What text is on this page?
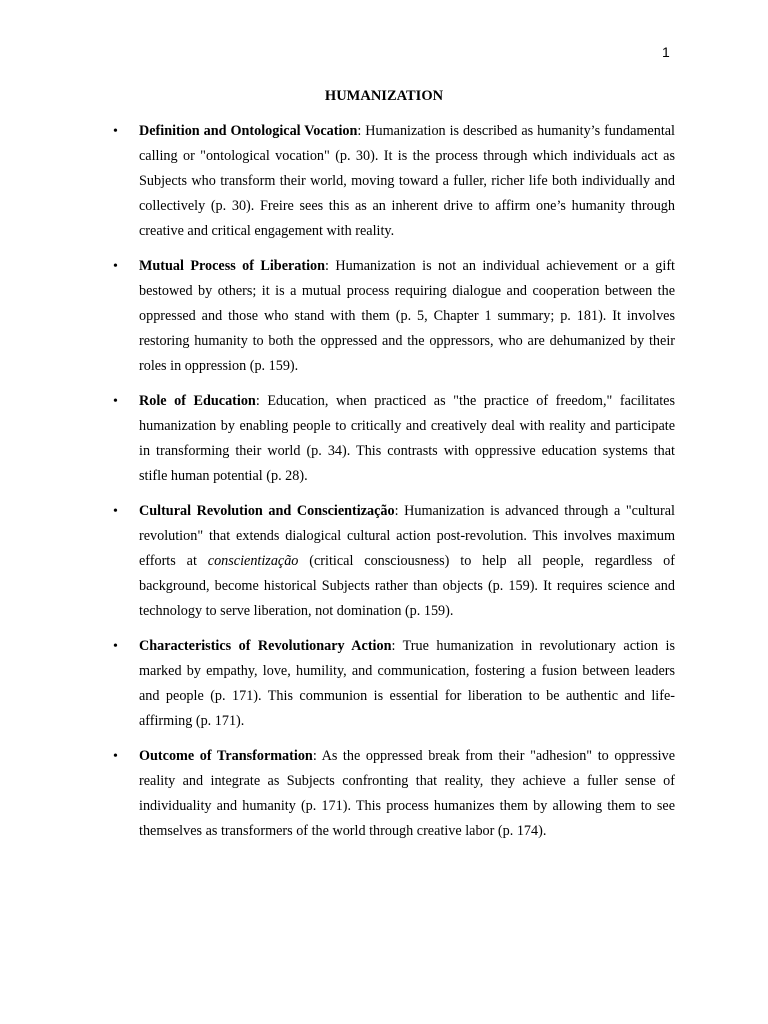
1
HUMANIZATION
•	Definition and Ontological Vocation: Humanization is described as humanity’s fundamental calling or "ontological vocation" (p. 30). It is the process through which individuals act as Subjects who transform their world, moving toward a fuller, richer life both individually and collectively (p. 30). Freire sees this as an inherent drive to affirm one’s humanity through creative and critical engagement with reality.
•	Mutual Process of Liberation: Humanization is not an individual achievement or a gift bestowed by others; it is a mutual process requiring dialogue and cooperation between the oppressed and those who stand with them (p. 5, Chapter 1 summary; p. 181). It involves restoring humanity to both the oppressed and the oppressors, who are dehumanized by their roles in oppression (p. 159).
•	Role of Education: Education, when practiced as "the practice of freedom," facilitates humanization by enabling people to critically and creatively deal with reality and participate in transforming their world (p. 34). This contrasts with oppressive education systems that stifle human potential (p. 28).
•	Cultural Revolution and Conscientização: Humanization is advanced through a "cultural revolution" that extends dialogical cultural action post-revolution. This involves maximum efforts at conscientização (critical consciousness) to help all people, regardless of background, become historical Subjects rather than objects (p. 159). It requires science and technology to serve liberation, not domination (p. 159).
•	Characteristics of Revolutionary Action: True humanization in revolutionary action is marked by empathy, love, humility, and communication, fostering a fusion between leaders and people (p. 171). This communion is essential for liberation to be authentic and life-affirming (p. 171).
•	Outcome of Transformation: As the oppressed break from their "adhesion" to oppressive reality and integrate as Subjects confronting that reality, they achieve a fuller sense of individuality and humanity (p. 171). This process humanizes them by allowing them to see themselves as transformers of the world through creative labor (p. 174).
